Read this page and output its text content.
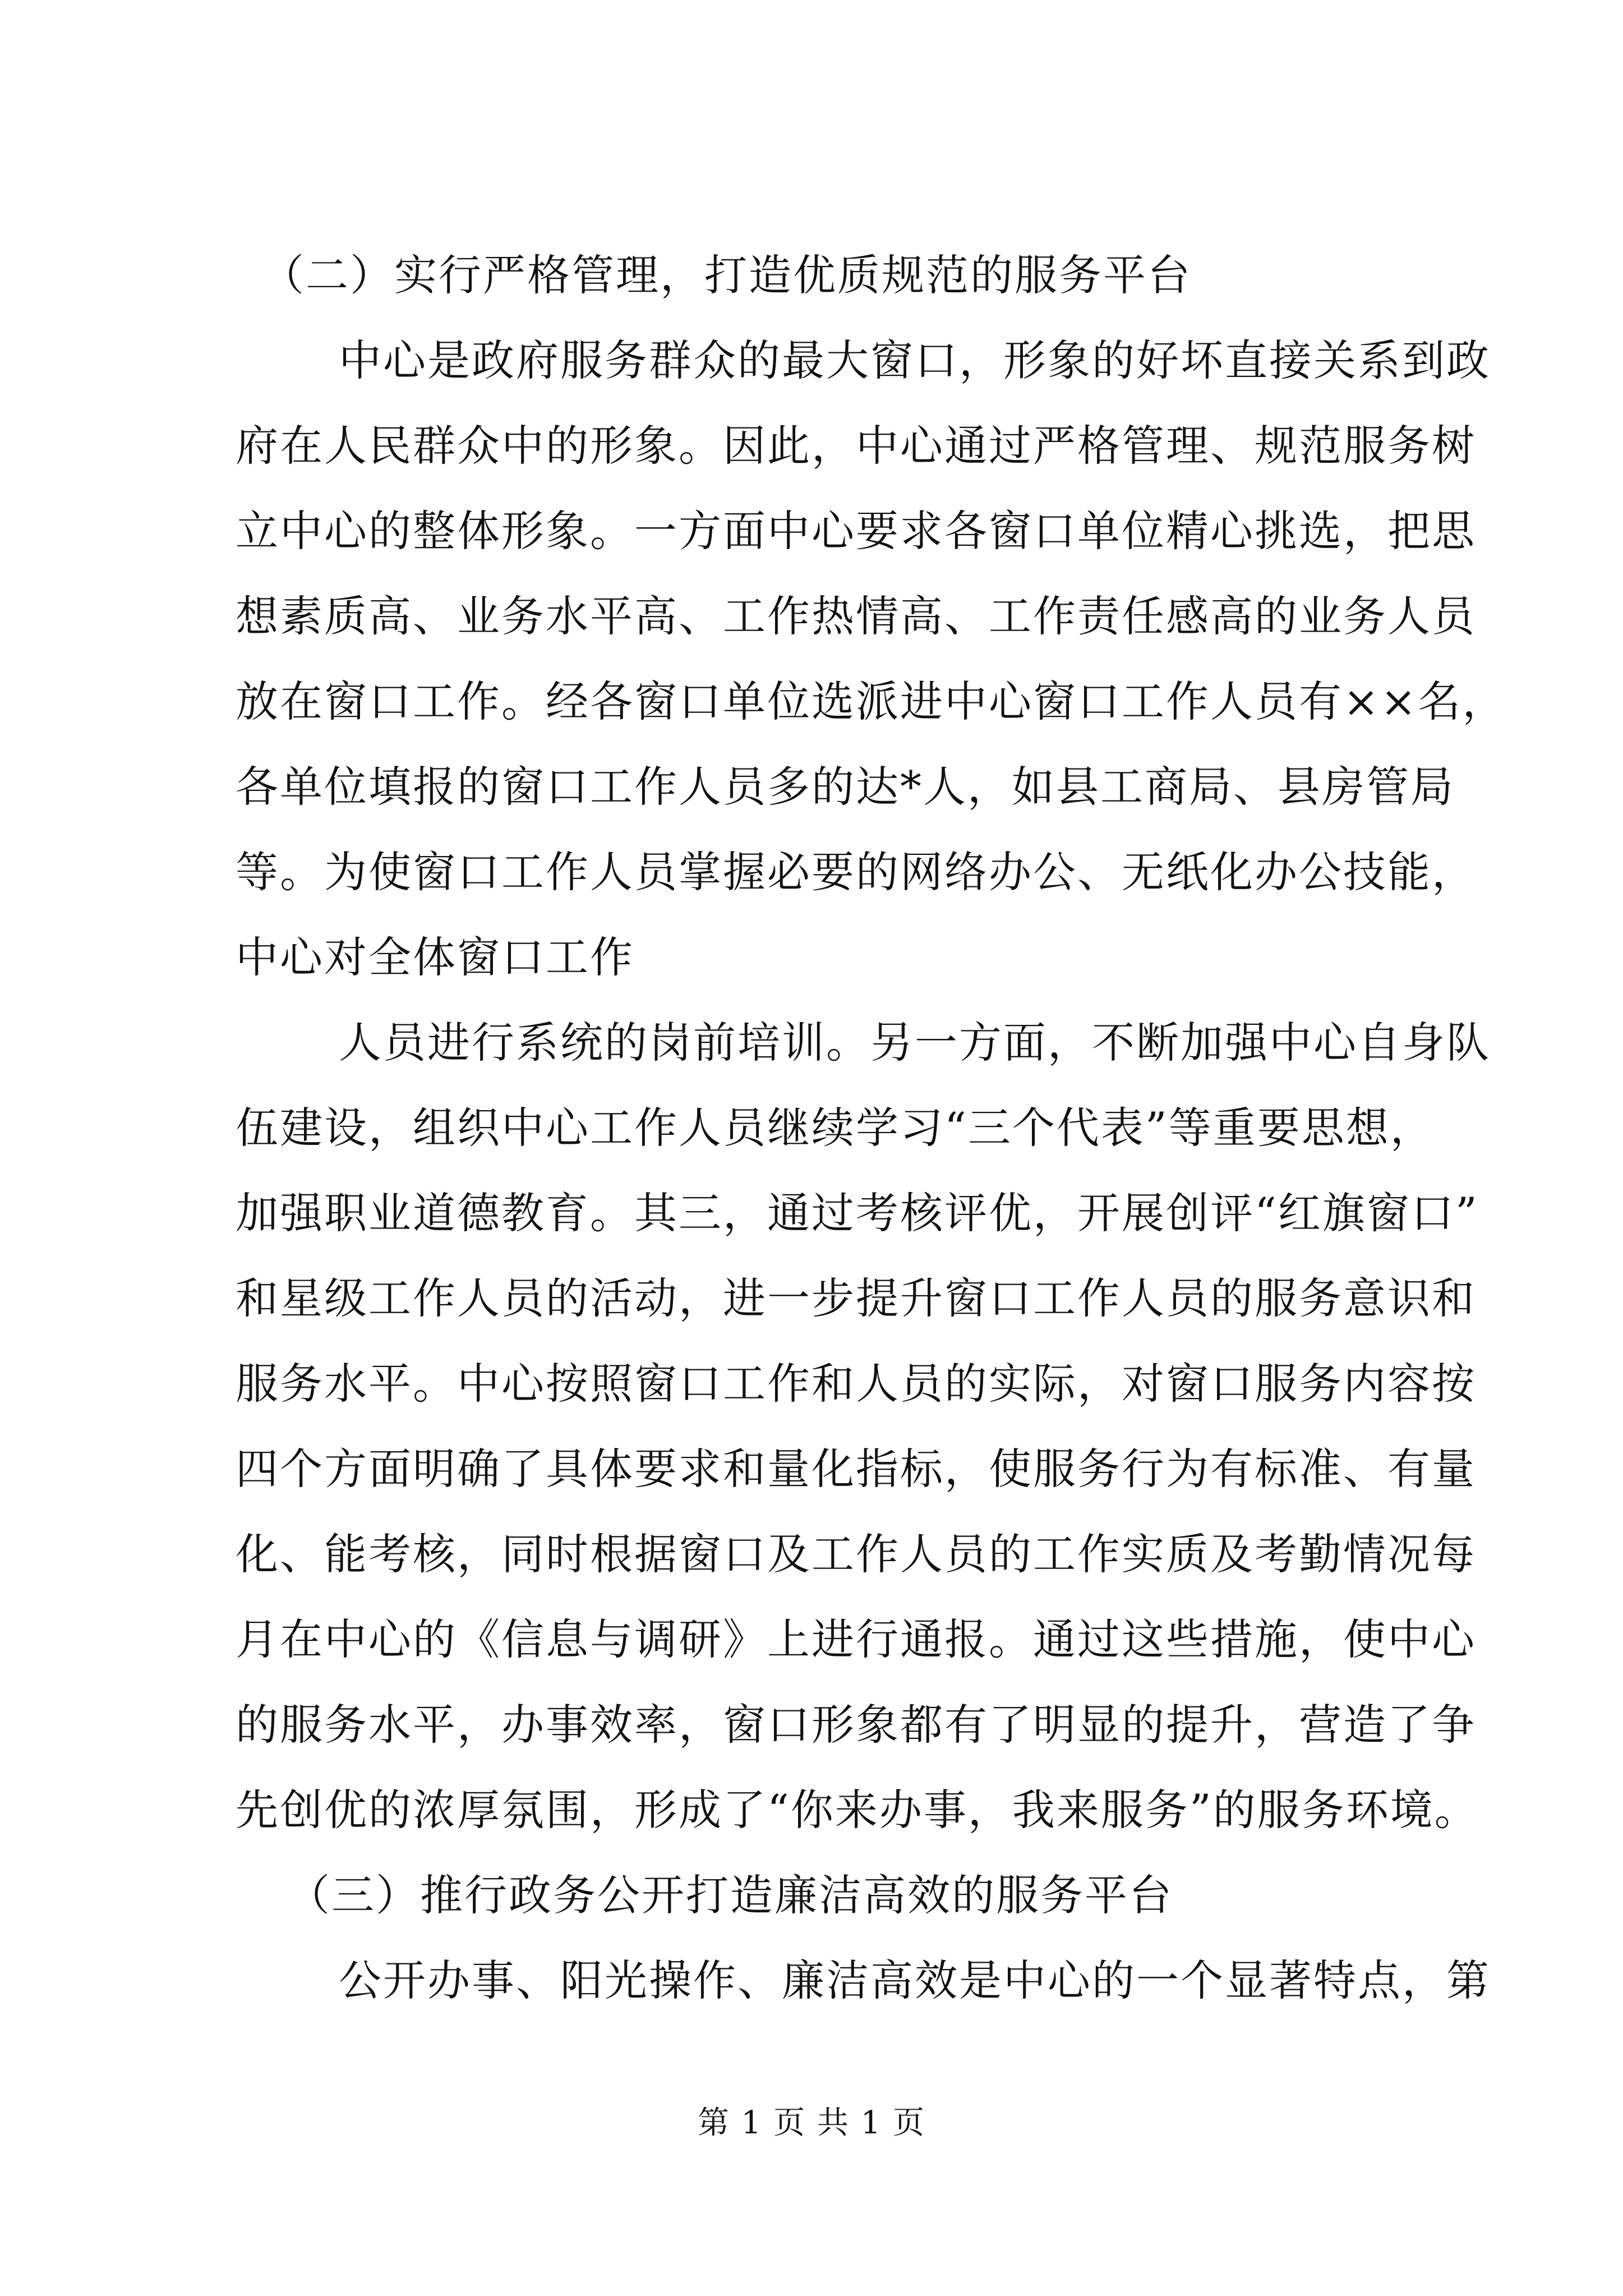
（二）实行严格管理，打造优质规范的服务平台
中心是政府服务群众的最大窗口，形象的好坏直接关系到政
府在人民群众中的形象。因此，中心通过严格管理、规范服务树
立中心的整体形象。一方面中心要求各窗口单位精心挑选，把思
想素质高、业务水平高、工作热情高、工作责任感高的业务人员
放在窗口工作。经各窗口单位选派进中心窗口工作人员有××名，
各单位填报的窗口工作人员多的达*人，如县工商局、县房管局
等。为使窗口工作人员掌握必要的网络办公、无纸化办公技能，
中心对全体窗口工作
人员进行系统的岗前培训。另一方面，不断加强中心自身队
伍建设，组织中心工作人员继续学习“三个代表”等重要思想，
加强职业道德教育。其三，通过考核评优，开展创评“红旗窗口”
和星级工作人员的活动，进一步提升窗口工作人员的服务意识和
服务水平。中心按照窗口工作和人员的实际，对窗口服务内容按
四个方面明确了具体要求和量化指标，使服务行为有标准、有量
化、能考核，同时根据窗口及工作人员的工作实质及考勤情况每
月在中心的《信息与调研》上进行通报。通过这些措施，使中心
的服务水平，办事效率，窗口形象都有了明显的提升，营造了争
先创优的浓厚氛围，形成了“你来办事，我来服务”的服务环境。
（三）推行政务公开打造廉洁高效的服务平台
公开办事、阳光操作、廉洁高效是中心的一个显著特点，第
第 1 页 共 1 页
